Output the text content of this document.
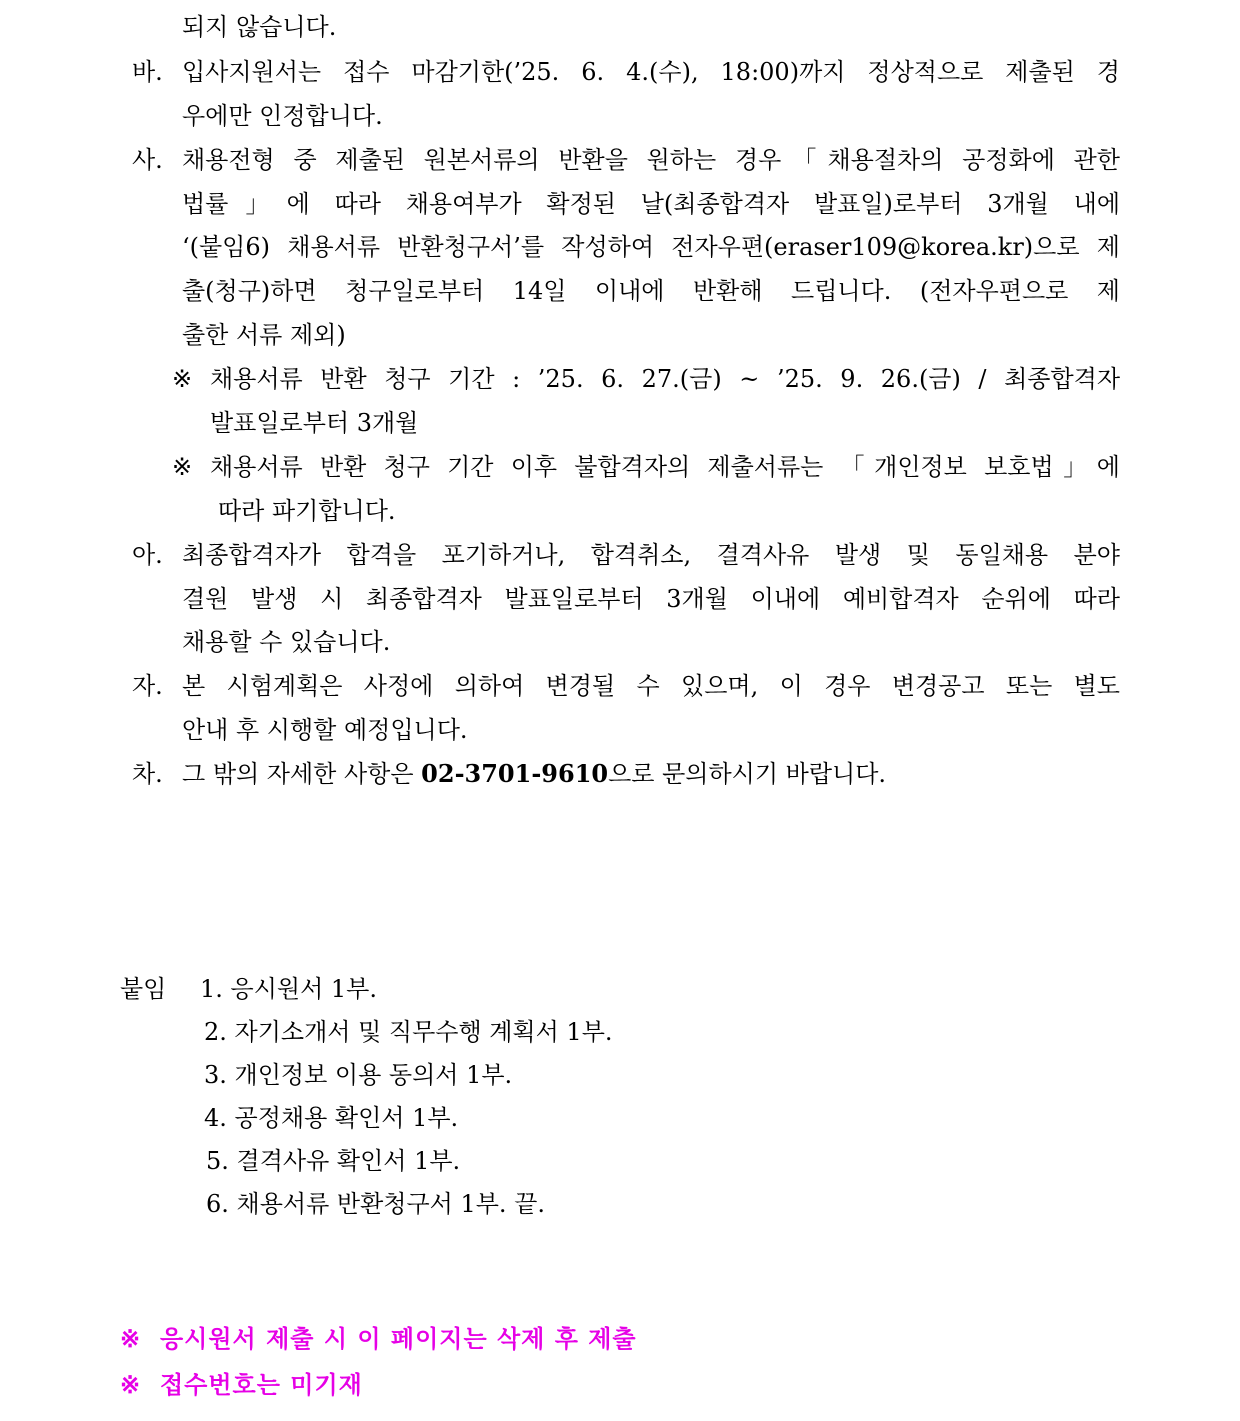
되지 않습니다.
바. 입사지원서는 접수 마감기한(’25. 6. 4.(수), 18:00)까지 정상적으로 제출된 경
우에만 인정합니다.
사. 채용전형 중 제출된 원본서류의 반환을 원하는 경우「채용절차의 공정화에 관한
법률」에 따라 채용여부가 확정된 날(최종합격자 발표일)로부터 3개월 내에
‘(붙임6) 채용서류 반환청구서’를 작성하여 전자우편(eraser109@korea.kr)으로 제
출(청구)하면 청구일로부터 14일 이내에 반환해 드립니다. (전자우편으로 제
출한 서류 제외)
※ 채용서류 반환 청구 기간 : ’25. 6. 27.(금) ~ ’25. 9. 26.(금) / 최종합격자
발표일로부터 3개월
※ 채용서류 반환 청구 기간 이후 불합격자의 제출서류는 「개인정보 보호법」에
따라 파기합니다.
아. 최종합격자가 합격을 포기하거나, 합격취소, 결격사유 발생 및 동일채용 분야
결원 발생 시 최종합격자 발표일로부터 3개월 이내에 예비합격자 순위에 따라
채용할 수 있습니다.
자. 본 시험계획은 사정에 의하여 변경될 수 있으며, 이 경우 변경공고 또는 별도
안내 후 시행할 예정입니다.
차. 그 밖의 자세한 사항은 02-3701-9610으로 문의하시기 바랍니다.
붙임 1. 응시원서 1부.
2. 자기소개서 및 직무수행 계획서 1부.
3. 개인정보 이용 동의서 1부.
4. 공정채용 확인서 1부.
5. 결격사유 확인서 1부.
6. 채용서류 반환청구서 1부. 끝.
※ 응시원서 제출 시 이 페이지는 삭제 후 제출
※ 접수번호는 미기재
